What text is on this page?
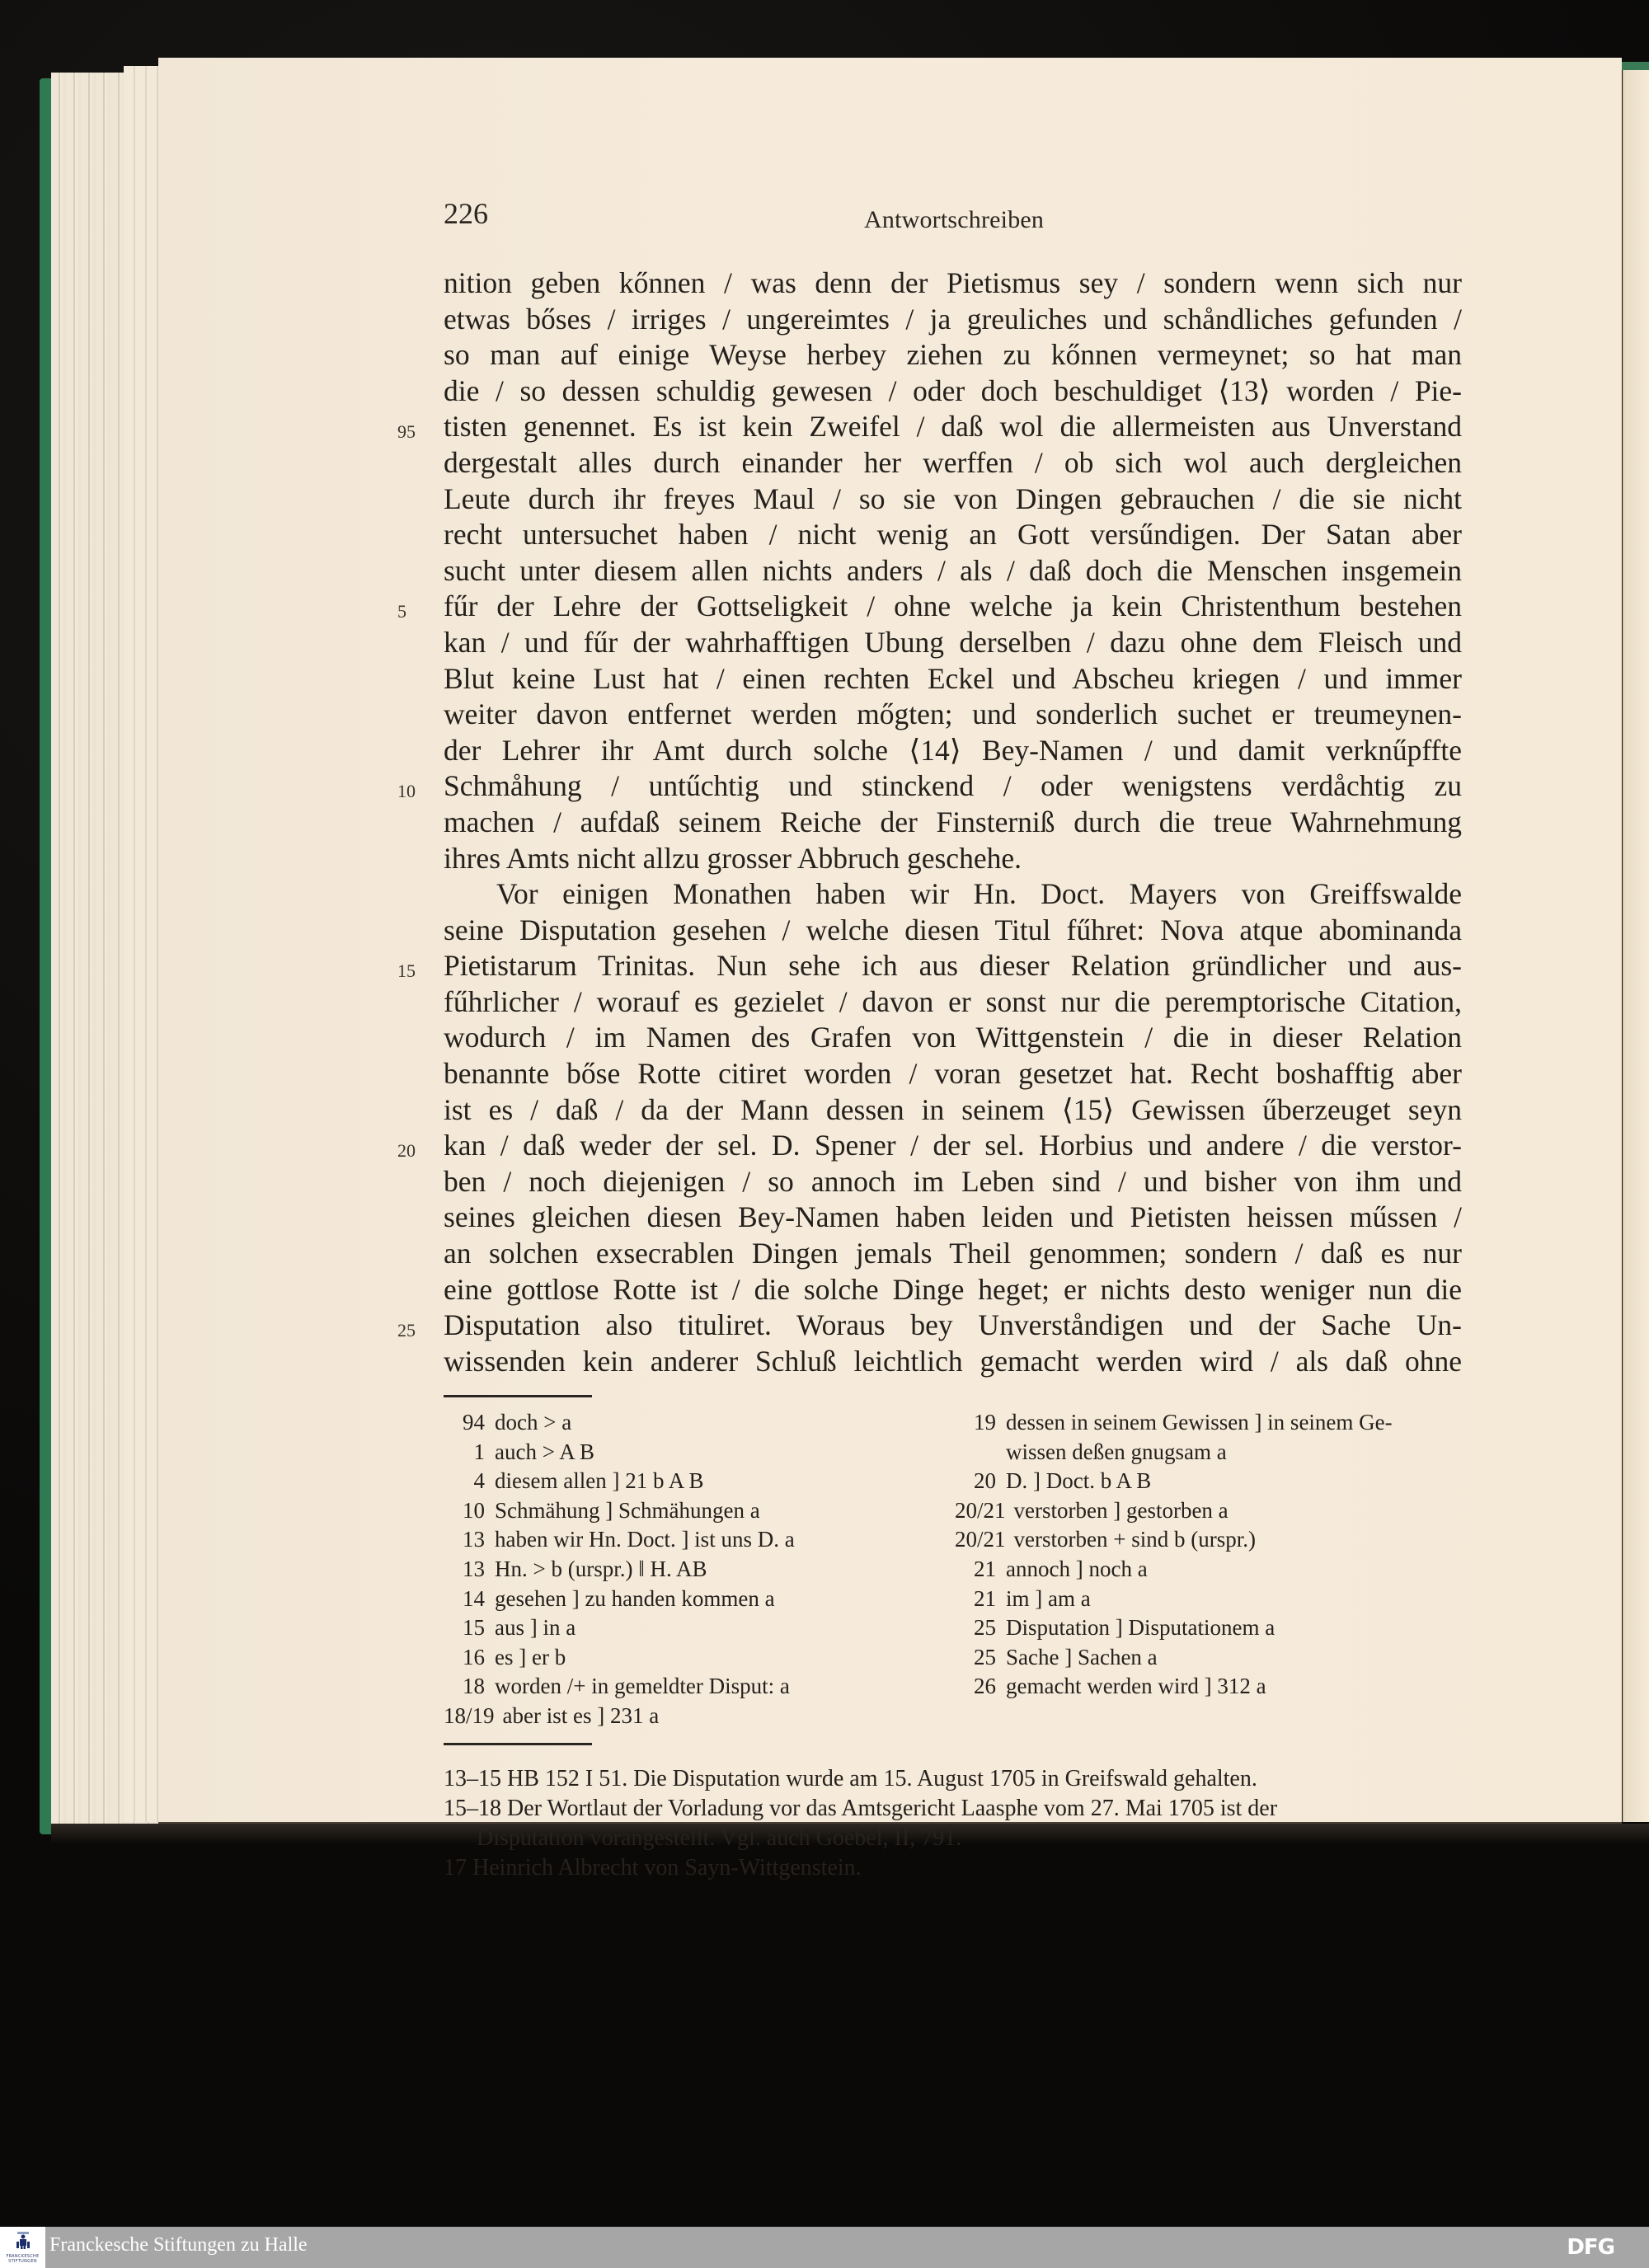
226	Antwortschreiben
nition geben kőnnen / was denn der Pietismus sey / sondern wenn sich nur
etwas bőses / irriges / ungereimtes / ja greuliches und schåndliches gefunden /
so man auf einige Weyse herbey ziehen zu kőnnen vermeynet; so hat man
die / so dessen schuldig gewesen / oder doch beschuldiget ⟨13⟩ worden / Pie-
95 tisten genennet. Es ist kein Zweifel / daß wol die allermeisten aus Unverstand
dergestalt alles durch einander her werffen / ob sich wol auch dergleichen
Leute durch ihr freyes Maul / so sie von Dingen gebrauchen / die sie nicht
recht untersuchet haben / nicht wenig an Gott versűndigen. Der Satan aber
sucht unter diesem allen nichts anders / als / daß doch die Menschen insgemein
5	fűr der Lehre der Gottseligkeit / ohne welche ja kein Christenthum bestehen
kan / und fűr der wahrhafftigen Ubung derselben / dazu ohne dem Fleisch und
Blut keine Lust hat / einen rechten Eckel und Abscheu kriegen / und immer
weiter davon entfernet werden mőgten; und sonderlich suchet er treumeynen-
der Lehrer ihr Amt durch solche ⟨14⟩ Bey-Namen / und damit verknűpffte
10 Schmåhung / untűchtig und stinckend / oder wenigstens verdåchtig zu
machen / aufdaß seinem Reiche der Finsterniß durch die treue Wahrnehmung
ihres Amts nicht allzu grosser Abbruch geschehe.
Vor einigen Monathen haben wir Hn. Doct. Mayers von Greiffswalde
seine Disputation gesehen / welche diesen Titul fűhret: Nova atque abominanda
15 Pietistarum Trinitas. Nun sehe ich aus dieser Relation gründlicher und aus-
fűhrlicher / worauf es gezielet / davon er sonst nur die peremptorische Citation,
wodurch / im Namen des Grafen von Wittgenstein / die in dieser Relation
benannte bőse Rotte citiret worden / voran gesetzet hat. Recht boshafftig aber
ist es / daß / da der Mann dessen in seinem ⟨15⟩ Gewissen űberzeuget seyn
20 kan / daß weder der sel. D. Spener / der sel. Horbius und andere / die verstor-
ben / noch diejenigen / so annoch im Leben sind / und bisher von ihm und
seines gleichen diesen Bey-Namen haben leiden und Pietisten heissen műssen /
an solchen exsecrablen Dingen jemals Theil genommen; sondern / daß es nur
eine gottlose Rotte ist / die solche Dinge heget; er nichts desto weniger nun die
25 Disputation also tituliret. Woraus bey Unverståndigen und der Sache Un-
wissenden kein anderer Schluß leichtlich gemacht werden wird / als daß ohne
94 doch > a
1 auch > A B
4 diesem allen ] 21 b A B
10 Schmähung ] Schmähungen a
13 haben wir Hn. Doct. ] ist uns D. a
13 Hn. > b (urspr.) ‖ H. AB
14 gesehen ] zu handen kommen a
15 aus ] in a
16 es ] er b
18 worden /+ in gemeldter Disput: a
18/19 aber ist es ] 231 a
19 dessen in seinem Gewissen ] in seinem Ge-
wissen deßen gnugsam a
20 D. ] Doct. b A B
20/21 verstorben ] gestorben a
20/21 verstorben + sind b (urspr.)
21 annoch ] noch a
21 im ] am a
25 Disputation ] Disputationem a
25 Sache ] Sachen a
26 gemacht werden wird ] 312 a
13–15 HB 152 I 51. Die Disputation wurde am 15. August 1705 in Greifswald gehalten.
15–18 Der Wortlaut der Vorladung vor das Amtsgericht Laasphe vom 27. Mai 1705 ist der
Disputation vorangestellt. Vgl. auch Goebel, II, 791.
17 Heinrich Albrecht von Sayn-Wittgenstein.
FRANCKESCHE
STIFTUNGEN
Franckesche Stiftungen zu Halle	DFG
